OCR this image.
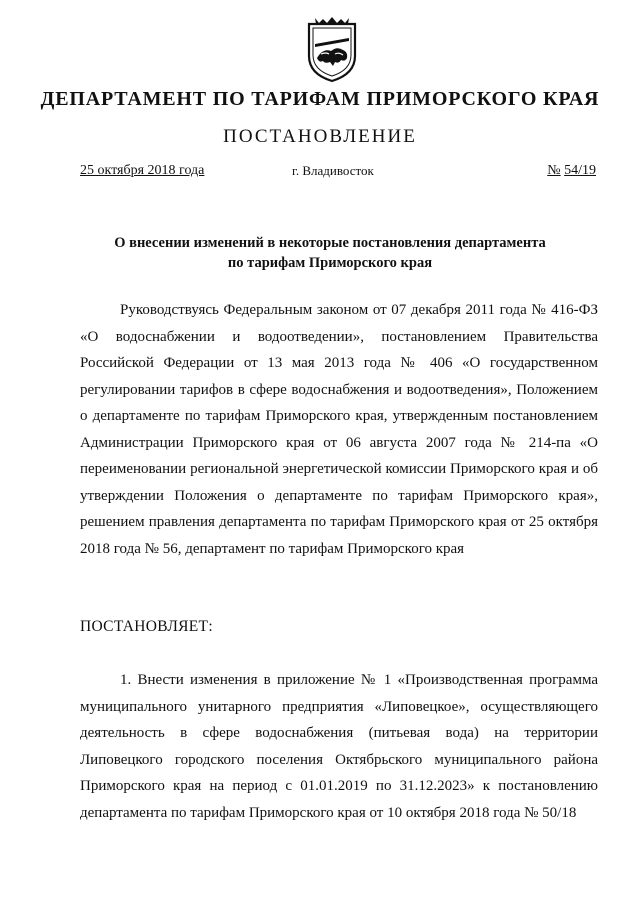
ДЕПАРТАМЕНТ ПО ТАРИФАМ ПРИМОРСКОГО КРАЯ
ПОСТАНОВЛЕНИЕ
25 октября 2018 года	г. Владивосток	№ 54/19
О внесении изменений в некоторые постановления департамента
по тарифам Приморского края

Руководствуясь Федеральным законом от 07 декабря 2011 года № 416-ФЗ «О водоснабжении и водоотведении», постановлением Правительства Российской Федерации от 13 мая 2013 года № 406 «О государственном регулировании тарифов в сфере водоснабжения и водоотведения», Положением о департаменте по тарифам Приморского края, утвержденным постановлением Администрации Приморского края от 06 августа 2007 года № 214-па «О переименовании региональной энергетической комиссии Приморского края и об утверждении Положения о департаменте по тарифам Приморского края», решением правления департамента по тарифам Приморского края от 25 октября 2018 года № 56, департамент по тарифам Приморского края

ПОСТАНОВЛЯЕТ:

1. Внести изменения в приложение № 1 «Производственная программа муниципального унитарного предприятия «Липовецкое», осуществляющего деятельность в сфере водоснабжения (питьевая вода) на территории Липовецкого городского поселения Октябрьского муниципального района Приморского края на период с 01.01.2019 по 31.12.2023» к постановлению департамента по тарифам Приморского края от 10 октября 2018 года № 50/18
